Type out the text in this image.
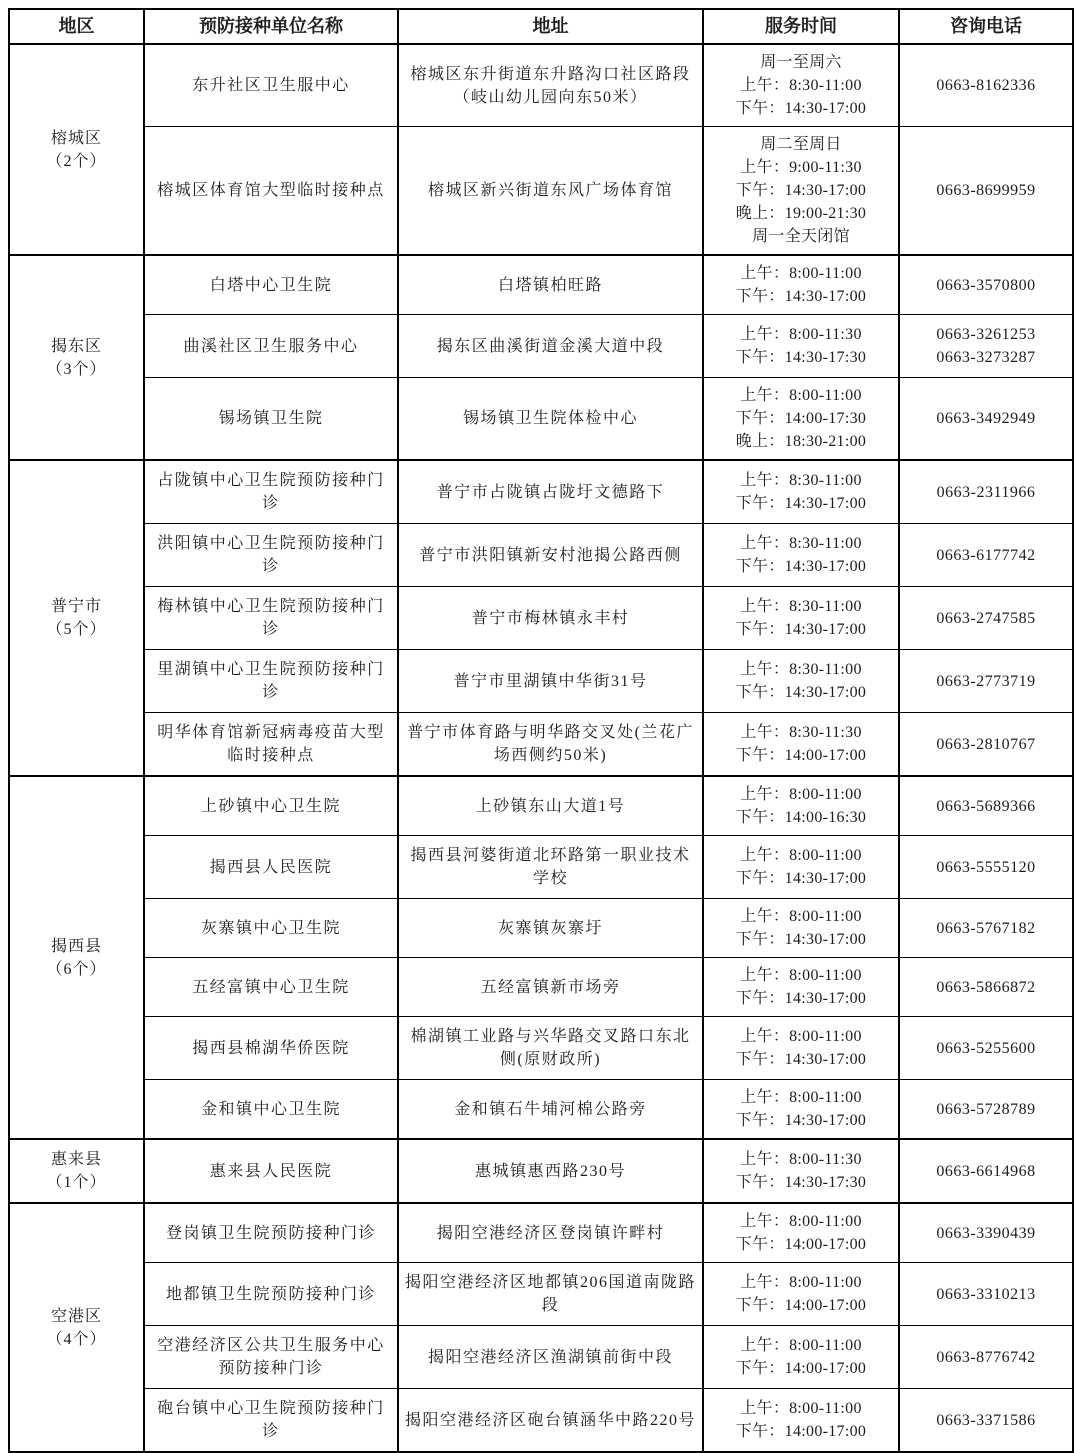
地区	预防接种单位名称	地址	服务时间	咨询电话

榕城区
（2个）	东升社区卫生服中心	榕城区东升街道东升路沟口社区路段（岐山幼儿园向东50米）	周一至周六
上午：8:30-11:00
下午：14:30-17:00	0663-8162336

	榕城区体育馆大型临时接种点	榕城区新兴街道东风广场体育馆	周二至周日
上午：9:00-11:30
下午：14:30-17:00
晚上：19:00-21:30
周一全天闭馆	0663-8699959

揭东区
（3个）	白塔中心卫生院	白塔镇柏旺路	上午：8:00-11:00
下午：14:30-17:00	0663-3570800

	曲溪社区卫生服务中心	揭东区曲溪街道金溪大道中段	上午：8:00-11:30
下午：14:30-17:30	0663-3261253
0663-3273287

	锡场镇卫生院	锡场镇卫生院体检中心	上午：8:00-11:00
下午：14:00-17:30
晚上：18:30-21:00	0663-3492949

普宁市
（5个）	占陇镇中心卫生院预防接种门诊	普宁市占陇镇占陇圩文德路下	上午：8:30-11:00
下午：14:30-17:00	0663-2311966

	洪阳镇中心卫生院预防接种门诊	普宁市洪阳镇新安村池揭公路西侧	上午：8:30-11:00
下午：14:30-17:00	0663-6177742

	梅林镇中心卫生院预防接种门诊	普宁市梅林镇永丰村	上午：8:30-11:00
下午：14:30-17:00	0663-2747585

	里湖镇中心卫生院预防接种门诊	普宁市里湖镇中华街31号	上午：8:30-11:00
下午：14:30-17:00	0663-2773719

	明华体育馆新冠病毒疫苗大型临时接种点	普宁市体育路与明华路交叉处(兰花广场西侧约50米)	上午：8:30-11:30
下午：14:00-17:00	0663-2810767

揭西县
（6个）	上砂镇中心卫生院	上砂镇东山大道1号	上午：8:00-11:00
下午：14:00-16:30	0663-5689366

	揭西县人民医院	揭西县河婆街道北环路第一职业技术学校	上午：8:00-11:00
下午：14:30-17:00	0663-5555120

	灰寨镇中心卫生院	灰寨镇灰寨圩	上午：8:00-11:00
下午：14:30-17:00	0663-5767182

	五经富镇中心卫生院	五经富镇新市场旁	上午：8:00-11:00
下午：14:30-17:00	0663-5866872

	揭西县棉湖华侨医院	棉湖镇工业路与兴华路交叉路口东北侧(原财政所)	上午：8:00-11:00
下午：14:30-17:00	0663-5255600

	金和镇中心卫生院	金和镇石牛埔河棉公路旁	上午：8:00-11:00
下午：14:30-17:00	0663-5728789

惠来县
（1个）	惠来县人民医院	惠城镇惠西路230号	上午：8:00-11:30
下午：14:30-17:30	0663-6614968

空港区
（4个）	登岗镇卫生院预防接种门诊	揭阳空港经济区登岗镇许畔村	上午：8:00-11:00
下午：14:00-17:00	0663-3390439

	地都镇卫生院预防接种门诊	揭阳空港经济区地都镇206国道南陇路段	上午：8:00-11:00
下午：14:00-17:00	0663-3310213

	空港经济区公共卫生服务中心预防接种门诊	揭阳空港经济区渔湖镇前街中段	上午：8:00-11:00
下午：14:00-17:00	0663-8776742

	砲台镇中心卫生院预防接种门诊	揭阳空港经济区砲台镇涵华中路220号	上午：8:00-11:00
下午：14:00-17:00	0663-3371586
